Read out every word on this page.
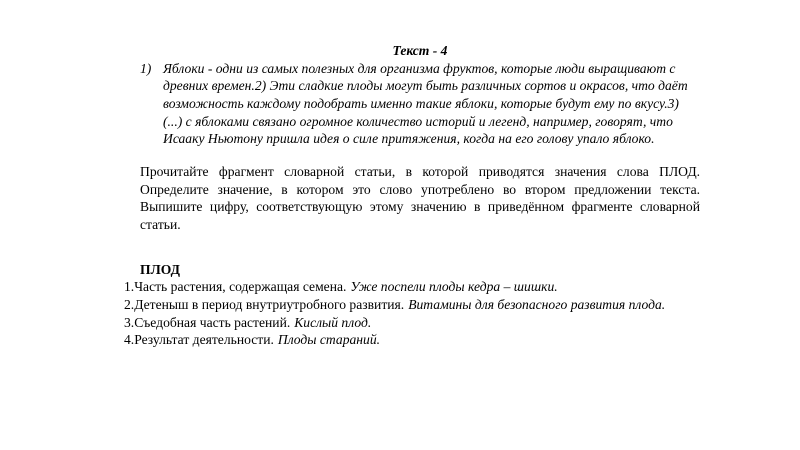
Текст - 4
1) Яблоки - одни из самых полезных для организма фруктов, которые люди выращивают с древних времен.2) Эти сладкие плоды могут быть различных сортов и окрасов, что даёт возможность каждому подобрать именно такие яблоки, которые будут ему по вкусу.3) (...) с яблоками связано огромное количество историй и легенд, например, говорят, что Исааку Ньютону пришла идея о силе притяжения, когда на его голову упало яблоко.
Прочитайте фрагмент словарной статьи, в которой приводятся значения слова ПЛОД. Определите значение, в котором это слово употреблено во втором предложении текста. Выпишите цифру, соответствующую этому значению в приведённом фрагменте словарной статьи.
ПЛОД
1.Часть растения, содержащая семена. Уже поспели плоды кедра – шишки.
2.Детеныш в период внутриутробного развития. Витамины для безопасного развития плода.
3.Съедобная часть растений. Кислый плод.
4.Результат деятельности. Плоды стараний.
